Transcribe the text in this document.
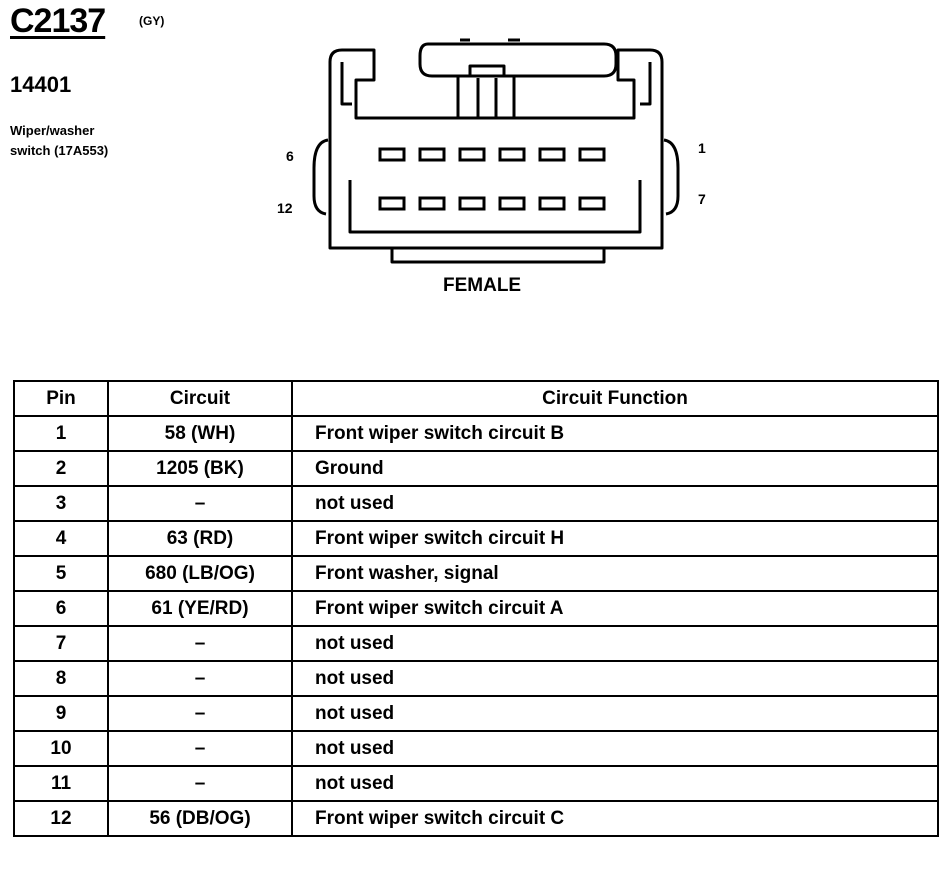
C2137	(GY)
14401
Wiper/washer
switch (17A553)	6
12
1
7
FEMALE
Pin	Circuit	Circuit Function
1	58 (WH)	Front wiper switch circuit B
2	1205 (BK)	Ground
3	–	not used
4	63 (RD)	Front wiper switch circuit H
5	680 (LB/OG)	Front washer, signal
6	61 (YE/RD)	Front wiper switch circuit A
7	–	not used
8	–	not used
9	–	not used
10	–	not used
11	–	not used
12	56 (DB/OG)	Front wiper switch circuit C
